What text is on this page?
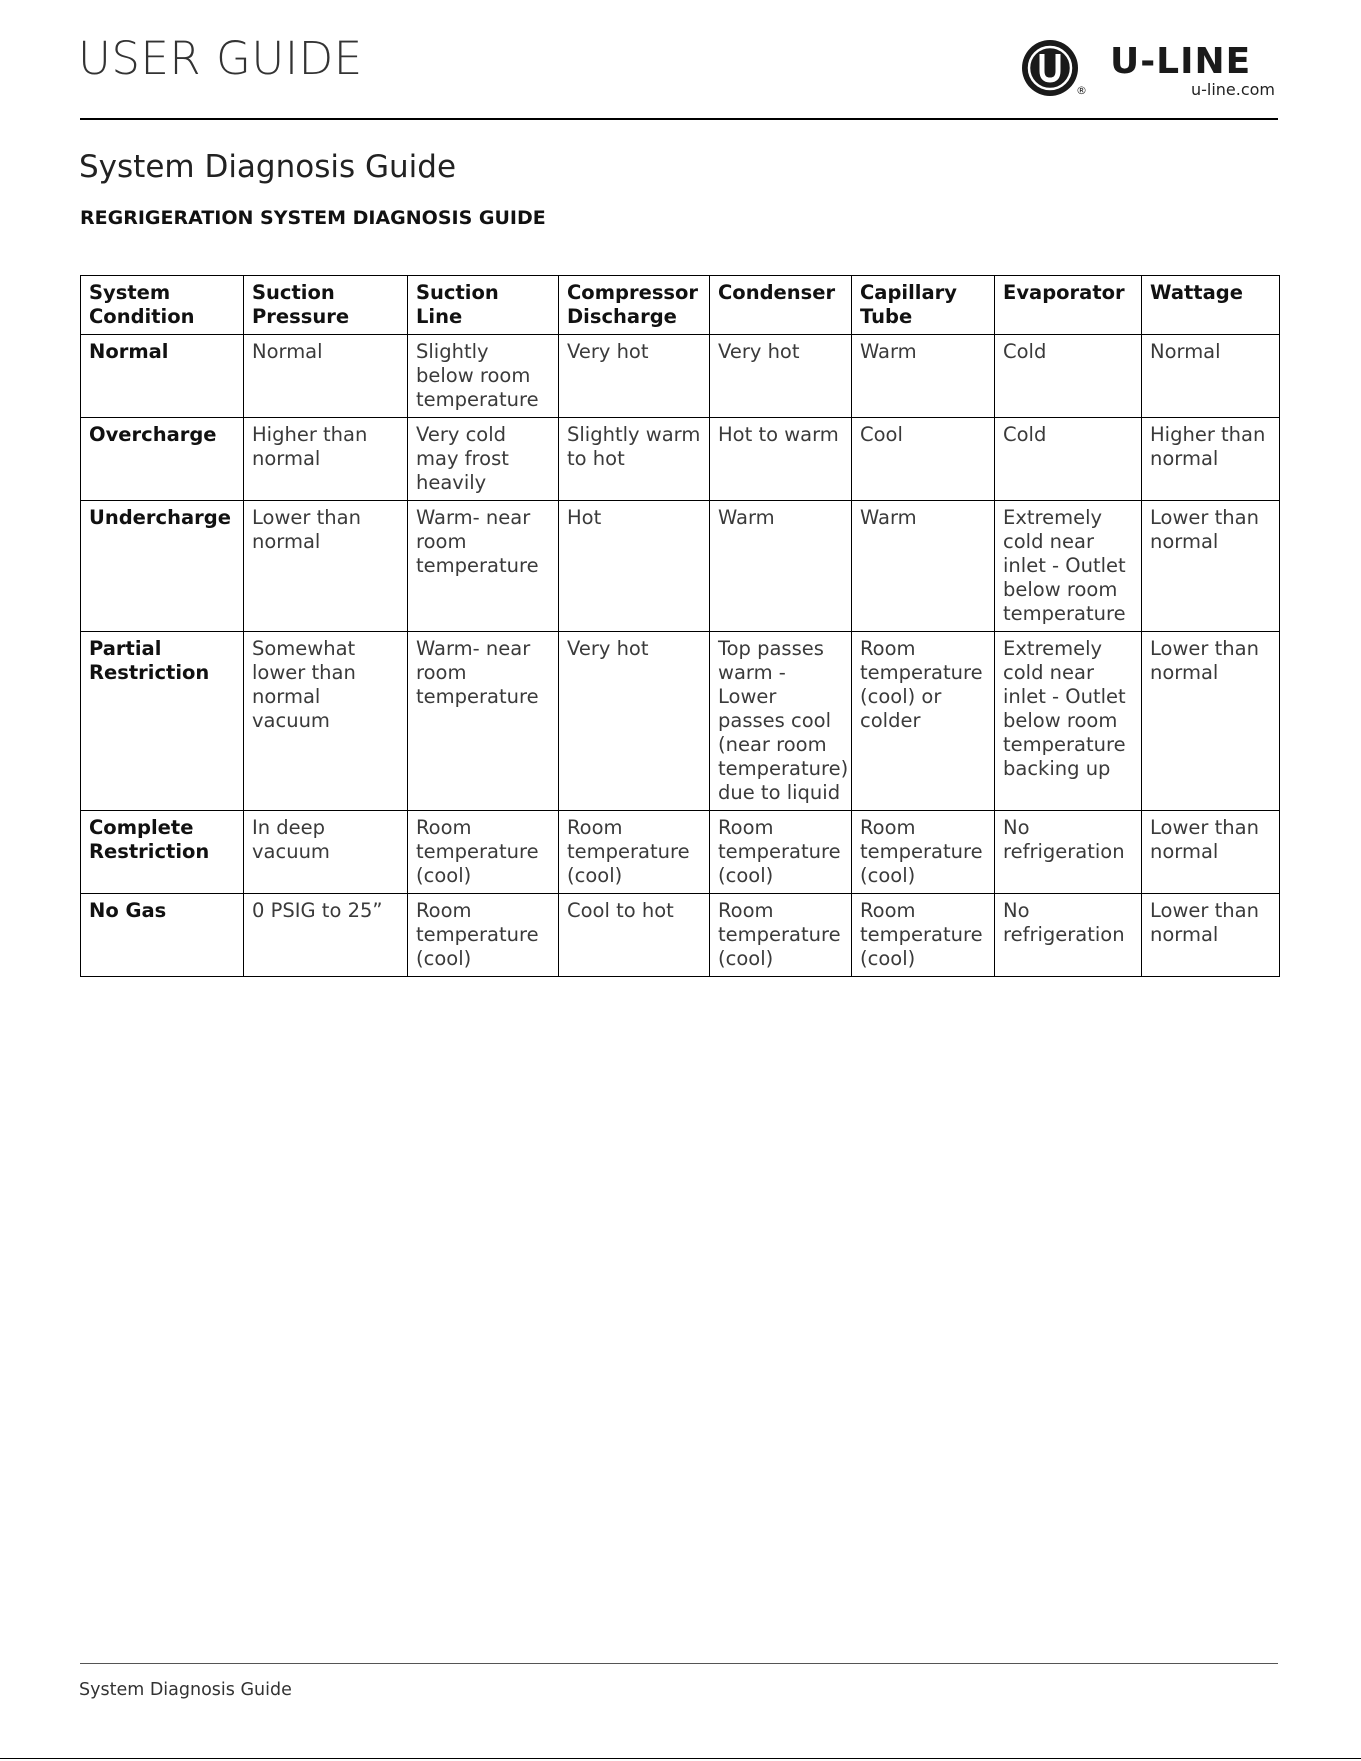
USER GUIDE
®
U-LINE
u-line.com
System Diagnosis Guide
REGRIGERATION SYSTEM DIAGNOSIS GUIDE
System Condition	Suction Pressure	Suction Line	Compressor Discharge	Condenser	Capillary Tube	Evaporator	Wattage
Normal	Normal	Slightly below room temperature	Very hot	Very hot	Warm	Cold	Normal
Overcharge	Higher than normal	Very cold may frost heavily	Slightly warm to hot	Hot to warm	Cool	Cold	Higher than normal
Undercharge	Lower than normal	Warm- near room temperature	Hot	Warm	Warm	Extremely cold near inlet - Outlet below room temperature	Lower than normal
Partial Restriction	Somewhat lower than normal vacuum	Warm- near room temperature	Very hot	Top passes warm - Lower passes cool (near room temperature) due to liquid	Room temperature (cool) or colder	Extremely cold near inlet - Outlet below room temperature backing up	Lower than normal
Complete Restriction	In deep vacuum	Room temperature (cool)	Room temperature (cool)	Room temperature (cool)	Room temperature (cool)	No refrigeration	Lower than normal
No Gas	0 PSIG to 25”	Room temperature (cool)	Cool to hot	Room temperature (cool)	Room temperature (cool)	No refrigeration	Lower than normal
System Diagnosis Guide
